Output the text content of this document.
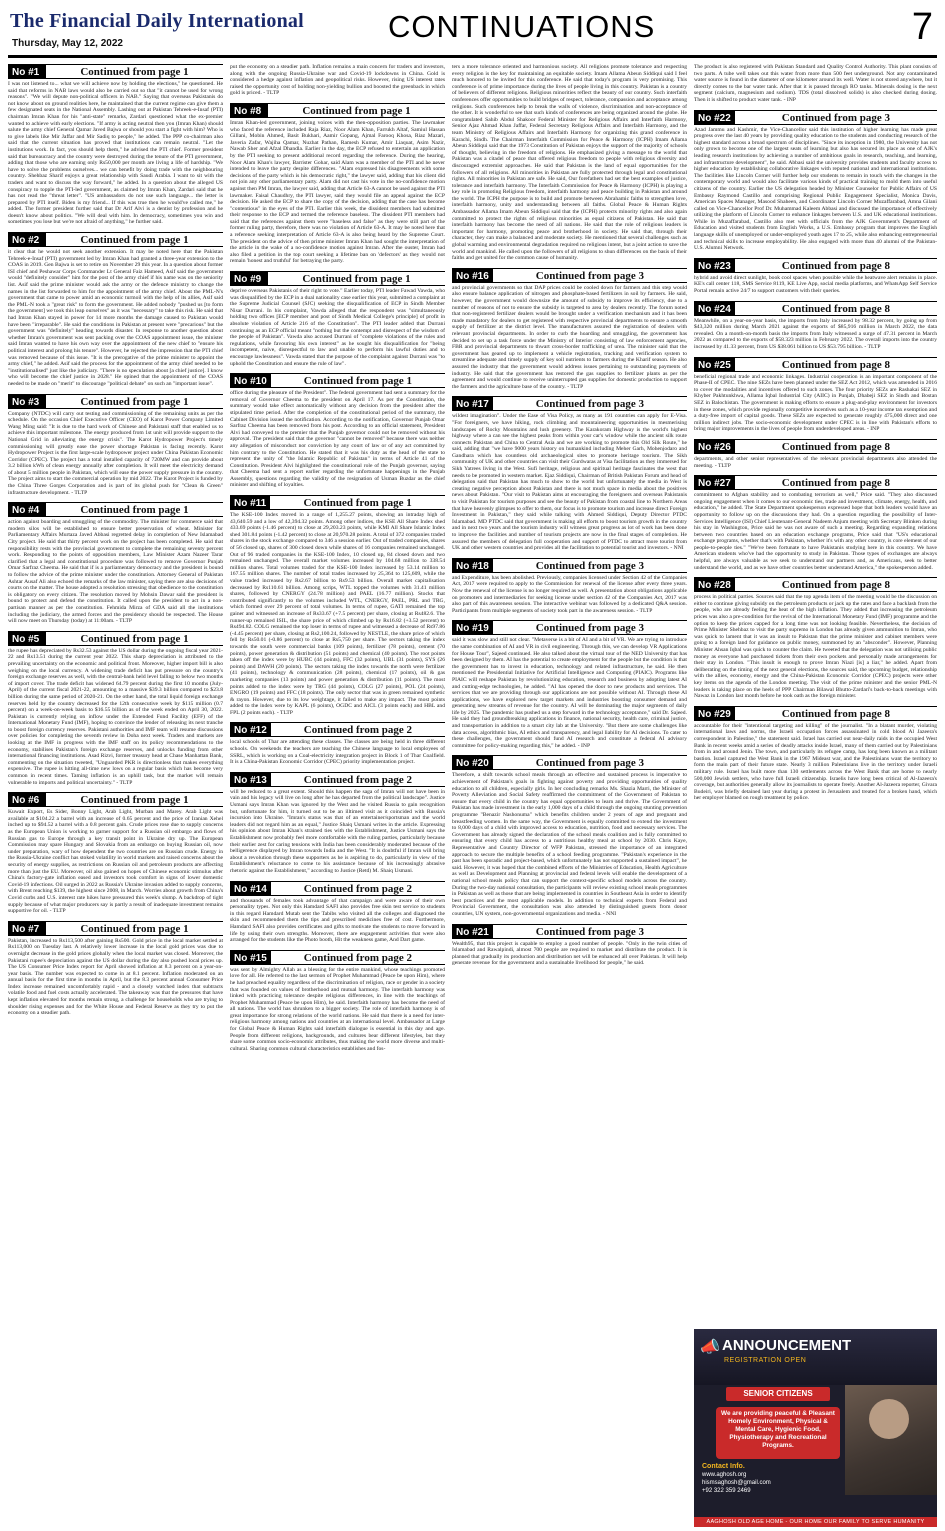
The Financial Daily International
Thursday, May 12, 2022	CONTINUATIONS	7
No #1	Continued from page 1
I was not listened to... what we will achieve now by holding the elections," he questioned. He said that reforms in NAB laws would also be carried out so that "it cannot be used for wrong reasons". "We will depute non-political officers in NAB." Saying that overseas Pakistanis do not know about on ground realities here, he maintained that the current regime can give them a few designated seats in the National Assembly. Lashing out at Pakistan Tehreek-e-Insaf (PTI) chairman Imran Khan for his "anti-state" remarks, Zardari questioned what the ex-premier wanted to achieve with early elections. "If army is acting neutral then you (Imran Khan) should salute the army chief General Qamar Javed Bajwa or should you start a fight with him? Who is to give labels like Mir Jaffar and Mir Sadiq to people," he added. The PPP co-chairman also said that the current situation has proved that institutions can remain neutral. "Let the institutions work. In fact, you should help them," he advised the PTI chief. Former president said that bureaucracy and the country were destroyed during the tenure of the PTI government, adding that those who are earning only Rs50,000 per month are living a life of hardship. "We have to solve the problems ourselves... we can benefit by doing trade with the neighbouring country. Shehbaz Sharif enjoys a great relationship with Saudi Arabia. I want to sit with the traders and want to discuss the way forward," he added. In a question about the alleged US conspiracy to topple the PTI-led government, as claimed by Imran Khan, Zardari said that he has not read the "threat letter". "US ambassadors do not use such language... the letter is prepared by PTI itself. Biden is my friend... If this was true then he would've called me," he added. The former president further said that Dr Arif Alvi is a dentist by profession and he doesn't know about politics. "We will deal with him. In democracy, sometimes you win and sometimes you lose but we're not afraid of anything," he further said.
No #2	Continued from page 1
it clear that he would not seek another extension. It may be noted here that the Pakistan Tehreek-e-Insaf (PTI) government led by Imran Khan had granted a three-year extension to the COAS in 2019. Gen Bajwa is set to retire on November 29 this year. In a question about former ISI chief and Peshawar Corps Commander Lt General Faiz Hameed, Asif said the government would "definitely consider" him for the post of the army chief if his name was on the seniority list. Asif said the prime minister would ask the army or the defence ministry to change the names in the list forwarded to him for the appointment of the army chief. About the PML-N's government that came to power amid an economic turmoil with the help of its allies, Asif said the PML-N took a "great risk" to form the government. He added nobody "pushed us [to form the government] we took this leap ourselves" as it was "necessary" to take this risk. He said that had Imran Khan stayed in power for 14 more months the damage caused to Pakistan would have been "irreparable". He said the conditions in Pakistan at present were "precarious" but the government was "definitely" heading towards disaster. In response to another question about whether Imran's government was sent packing over the COAS appointment issue, the minister said Imran wanted to have his own way over the appointment of the new chief to "ensure his political interest and prolong his tenure". However, he rejected the impression that the PTI chief was removed because of this issue. "It is the prerogative of the prime minister to appoint the army chief," he added. Asif said the process for the appointment of the army chief needed to be "institutionalised" just like the judiciary. "There is no speculation about [a chief justice]. I know who will become the chief justice in 2028." He opined that the appointment of the COAS needed to be made on "merit" to discourage "political debate" on such an "important issue".
No #3	Continued from page 1
Company (NTDC) will carry out testing and commissioning of the remaining units as per the schedule. On the occasion Chief Executive Officer (CEO) of Karot Power Company Limited Wang Ming said: "It is due to the hard work of Chinese and Pakistani staff that enabled us to achieve this important milestone. The energy produced from 1st unit will provide support to the National Grid in alleviating the energy crisis". The Karot Hydropower Project's timely commissioning will greatly ease the power shortage Pakistan is facing recently. Karot Hydropower Project is the first large-scale hydropower project under China Pakistan Economic Corridor (CPEC). The project has a total installed capacity of 720MW and can provide about 3.2 billion kWh of clean energy annually after completion. It will meet the electricity demand of about 5 million people in Pakistan, which will ease the power supply pressure in the country. The project aims to start the commercial operation by mid 2022. The Karot Project is funded by the China Three Gorges Corporation and is part of its global push for "Clean & Green" infrastructure development. - TLTP
No #4	Continued from page 1
action against boarding and smuggling of the commodity. The minister for commerce said that modern silos will be established to ensure better preservation of wheat. Minister for Parliamentary Affairs Murtaza Javed Abbasi regretted delay in completion of New Islamabad City project. He said that thirty percent work on the project has been completed. He said that responsibility rests with the provincial government to complete the remaining seventy percent work. Responding to the points of opposition members, Law Minister Azam Nazeer Tarar clarified that a legal and constitutional procedure was followed to remove Governor Punjab Omar Sarfraz Cheema. He said that if is a parliamentary democracy and the president is bound to follow the advice of the prime minister under the constitution. Attorney General of Pakistan Ashtar Ausaf Ali also echoed the remarks of the law minister, saying there are also decisions of courts on the matter. The house adopted a resolution stressing that obedience to the constitution is obligatory on every citizen. The resolution moved by Mohsin Dawar said the president is bound to protect and defend the constitution. It called upon the president to act in a non-partisan manner as per the constitution. Fehmida Mirza of GDA said all the institutions including the judiciary, the armed forces and the presidency should be respected. The House will now meet on Thursday (today) at 11:00am. - TLTP
No #5	Continued from page 1
the rupee has depreciated by Rs32.53 against the US dollar during the ongoing fiscal year 2021-22 and Rs13.51 during the current year 2022. This sharp depreciation is attributed to the prevailing uncertainty on the economic and political front. Moreover, higher import bill is also weighing on the local currency. A widening trade deficit has put pressure on the country's foreign exchange reserves as well, with the central-bank held level falling to below two months of import cover. The trade deficit has widened 64.79 percent during the first 10 months (July-April) of the current fiscal 2021-22, amounting to a massive $39.3 billion compared to $23.8 billion during the same period of 2020-21. On the other hand, the total liquid foreign exchange reserves held by the country decreased for the 12th consecutive week by $115 million (0.7 percent) on a week-on-week basis to $16.55 billion as of the week ended on April 30, 2022. Pakistan is currently relying on inflow under the Extended Fund Facility (EFF) of the International Monetary Fund (IMF), hoping to convince the lender of releasing its next tranche to boost foreign currency reserves. Pakistani authorities and IMF team will resume discussions over policies for completing the seventh review in Doha next week. Traders and markets are looking at the IMF in progress with the IMF staff on its policy recommendations to the economy, stabilises Pakistan's foreign exchange reserves, and unlocks funding from other international financing institutions. Asad Rizvi, former treasury head at Chase Manhattan Bank, commenting on the situation tweeted, "Unguarded PKR is directionless that makes everything expensive. The rupee is hitting all-time new lows on a regular basis which has become very common in recent times. Taming inflation is an uphill task, but the market will remain vulnerable to imports and political uncertainty." - TLTP
No #6	Continued from page 1
Kuwait Export, Es Sider, Bonny Light, Arab Light, Murban and Marey. Arab Light was available at $104.22 a barrel with an increase of 0.65 percent and the price of Iranian Xehel inched up to $94.52 a barrel with a 0.8 percent gain. Crude prices rose due to supply concerns as the European Union is working to garner support for a Russian oil embargo and flows of Russian gas to Europe through a key transit point in Ukraine dry up. The European Commission may spare Hungary and Slovakia from an embargo on buying Russian oil, now under preparation, wary of how dependent the two countries are on Russian crude. Energy in the Russia-Ukraine conflict has stoked volatility in world markets and raised concerns about the security of energy supplies, as restrictions on Russian oil and petroleum products are affecting more than just the EU. Moreover, oil also gained on hopes of Chinese economic stimulus after China's factory-gate inflation eased and investors took comfort in signs of lower domestic Covid-19 infections. Oil surged in 2022 as Russia's Ukraine invasion added to supply concerns, with Brent reaching $139, the highest since 2008, in March. Worries about growth from China's Covid curbs and U.S. interest rate hikes have pressured this week's slump. A backdrop of tight supply because of what major producers say is partly a result of inadequate investment remains supportive for oil. - TLTP
No #7	Continued from page 1
Pakistan, increased to Rs113,500 after gaining Rs500. Gold price in the local market settled at Rs113,000 on Tuesday last. A relatively lower increase in the local gold prices was due to overnight decrease in the gold prices globally when the local market was closed. Moreover, the Pakistani rupee's depreciation against the US dollar during the day also pushed local prices up. The US Consumer Price Index report for April showed inflation at 8.3 percent on a year-on-year basis. The number was expected to come in at 8.1 percent. Inflation moderated on an annual basis for the first time in months in April, but the 8.3 percent annual Consumer Price Index increase remained uncomfortably rapid - and a closely watched index that subtracts volatile food and fuel costs actually accelerated. The takeaway was that the pressures that have kept inflation elevated for months remain strong, a challenge for households who are trying to shoulder rising expenses and for the White House and Federal Reserve as they try to put the economy on a steadier path.
put the economy on a steadier path. Inflation remains a main concern for traders and investors, along with the ongoing Russia-Ukraine war and Covid-19 lockdowns in China. Gold is considered a hedge against inflation and geopolitical risks. However, rising US interest rates raised the opportunity cost of holding non-yielding bullion and boosted the greenback in which gold is priced. - TLTP
No #8	Continued from page 1
Imran Khan-led government, joining voices with the then-opposition parties. The lawmaker who faced the reference included Raja Riaz, Noor Alam Khan, Farrukh Altaf, Samiul Hassan Gillani, Mobin Ahmed, Basit Bukhari, Aamir Gopang, Ajmal Farooq Khosa, Riaz Mazari, Javeria Zafar, Wajiha Qamar, Nuzhat Pathan, Ramesh Kumar, Amir Liaquat, Asim Nazir, Nawab Sher and Afzal Dhandla. Earlier in the day, the ECP refused to entertain an application by the PTI seeking to present additional record regarding the reference. During the hearing, Noor Alam Khan's lawyer, Barrister Gohar, said Alam was a member of the PTI and he never intended to leave the party despite differences. "Alam expressed his disagreements with some decisions of the party which is his democratic right," the lawyer said, adding that his client did not join any other parliamentary party. Alam did not cast his vote in the no-confidence motion against then PM Imran, the lawyer said, adding that Article 63-A cannot be used against the PTI lawmaker. Faisal Chaudhry, the PTI lawyer, said they would file an appeal against the ECP decision. He asked the ECP to share the copy of the decision, adding that the case has become "contentious" in the eyes of the PTI. Earlier this week, the dissident members had submitted their response to the ECP and termed the reference baseless. The dissident PTI members had said that the references against them were "baseless and false" as they were still part of the former ruling party, therefore, there was no violation of Article 63-A. It may be noted here that a reference seeking interpretation of Article 63-A is also being heard by the Supreme Court. The president on the advice of then prime minister Imran Khan had sought the interpretation of the article in the wake of a no-confidence motion against Imran. After the ouster, Imran had also filed a petition in the top court seeking a lifetime ban on 'defectors' as they would not remain 'honest and truthful' for betraying the party.
No #9	Continued from page 1
deprive overseas Pakistanis of their right to vote." Earlier today, PTI leader Fawad Vawda, who was disqualified by the ECP in a dual nationality case earlier this year, submitted a complaint at the Supreme Judicial Counsel (SJC) seeking the disqualification of ECP in Sindh Member Nisar Durrani. In his complaint, Vawda alleged that the respondent was "simultaneously holding two offices [ECP member and post of Sindh Medical College's principle] of profit in absolute violation of Article 216 of the Constitution". The PTI leader added that Durrani continuing as an ECP official meant "nothing but the contempt and disrespect of the wisdom of the people of Pakistan". Vawda also accused Durrani of "complete violations of the rules and regulations, while favouring his own interest" as he sought his disqualification for "being incompetent, naive, disrespectful to law and unable to perform his lawful duties and to encourage lawlessness". Vawda stated that the purpose of the complaint against Durrani was "to uphold the Constitution and ensure the rule of law".
No #10	Continued from page 1
office during the pleasure of the President". The federal government had sent a summary for the removal of Governor Cheema to the president on April 17. As per the Constitution, the summary would take effect automatically without any decision from the president after the stipulated time period. After the completion of the constitutional period of the summary, the Cabinet Division issued the notification. According to the notification, Governor Punjab Omar Sarfraz Cheema has been removed from his post. According to an official statement, President Alvi had conveyed to the premier that the Punjab governor could not be removed without his approval. The president said that the governor "cannot be removed" because there was neither any allegation of misconduct nor conviction by any court of law or of any act committed by him contrary to the Constitution. He stated that it was his duty as the head of the state to represent the unity of "the Islamic Republic of Pakistan" in terms of Article 41 of the Constitution. President Alvi highlighted the constitutional role of the Punjab governor, saying that Cheema had sent a report earlier regarding the unfortunate happenings in the Punjab Assembly, questions regarding the validity of the resignation of Usman Buzdar as the chief minister and shifting of loyalties.
No #11	Continued from page 1
The KSE-100 Index moved in a range of 1,255.27 points, showing an intraday high of 43,640.59 and a low of 42,394.32 points. Among other indices, the KSE All Share Index shed 433.69 points (-1.46 percent) to close at 29,203.23 points, while KMI All Share Islamic Index shed 301.84 points (-1.42 percent) to close at 20,970.28 points. A total of 372 companies traded shares in the stock exchange compared to 346 a session earlier. Out of traded companies, shares of 56 closed up, shares of 300 closed down while shares of 16 companies remained unchanged. Out of 96 traded companies in the KSE-100 Index, 10 closed up, 84 closed down and two remained unchanged. The overall market volumes increased by 104.68 million to 338.54 million shares. Total volumes traded for the KSE-100 Index increased by 53.14 million to 167.55 million shares. The number of total trades increased by 25,364 to 125,609, while the value traded increased by Rs2.67 billion to Rs9.53 billion. Overall market capitalisation decreased by Rs110.61 billion. Among scrips, WTL topped the volumes with 31.41 million shares, followed by CNERGY (24.78 million) and PAEL (16.77 million). Stocks that contributed significantly to the volumes included WTL, CNERGY, PAEL, PRL and TRG, which formed over 29 percent of total volumes. In terms of rupee, GATI remained the top gainer and witnessed an increase of Rs33.67 (+7.5 percent) per share, closing at Rs482.6. The runner-up remained ISIL, the share price of which climbed up by Rs16.82 (+3.52 percent) to Rs494.82. COLG remained the top loser in terms of rupee and witnessed a decrease of Rs97.86 (-4.45 percent) per share, closing at Rs2,100.24, followed by NESTLE, the share price of which fell by Rs50.01 (-0.86 percent) to close at Rs5,750 per share. The sectors taking the index towards the south were commercial banks (109 points), fertilizer (78 points), cement (70 points), power generation & distribution (51 points) and chemical (40 points). The root points taken off the index were by HUBC (44 points), FFC (32 points), UBL (31 points), SYS (26 points) and DAWH (20 points). The sectors taking the index towards the north were fertilizer (41 points), technology & communication (28 points), chemical (17 points), oil & gas marketing companies (13 points) and power generation & distribution (11 points). The most points added to the index were by TRG (44 points), COLG (27 points), POL (24 points), ENGRO (19 points) and FFC (18 points). The only sector that was in green remained synthetic & rayon. However, due to its low weightage, it failed to make any impact. The most points added to the index were by KAPL (6 points), OGDC and AICL (3 points each) and HBL and FPL (2 points each). - TLTP
No #12	Continued from page 2
local schools of Thar are attending these classes. The classes are being held in three different schools. On weekends the teachers are teaching the Chinese language to local employees of SSRL, which is working on a Coal-electricity integration project in Block 1 of Thar Coalfield. It is a China-Pakistan Economic Corridor (CPEC) priority implementation project.
No #13	Continued from page 2
will be reduced to a great extent. Should this happen the saga of Imran will not have been in vain and his legacy will live on long after he has departed from the political landscape". Justice Usmani says Imran Khan was ignored by the West and he visited Russia to gain recognition but, unfortunate for him, it turned out to be an illtimed visit as it coincided with Russia's incursion into Ukraine. "Imran's status was that of an entertainer/sportsman and the world leaders did not regard him as an equal," Justice Shaiq Usmani writes in the article. Expressing his opinion about Imran Khan's strained ties with the Establishment, Justice Usmani says the Establishment now probably feel more comfortable with the ruling parties, particularly because their earlier zest for caring tensions with India has been considerably moderated because of the belligerence displayed by Imran towards India and the West. "It is doubtful if Imran will bring about a revolution through these supporters as he is aspiring to do, particularly in view of the Establishment's reluctance to come to his assistance because of his increasingly abrasive rhetoric against the Establishment," according to Justice (Retd) M. Shaiq Usmani.
No #14	Continued from page 2
and thousands of females took advantage of that campaign and were aware of their own personality types. Not only this Hamdard SAFI also provides free skin test service to students in this regard Hamdard Mutab sent the Tabibs who visited all the colleges and diagnosed the skin and recommended them the tips and prescribed medicines free of cost. Furthermore, Hamdard SAFI also provides certificates and gifts to motivate the students to move forward in life by using their own strengths. Moreover, there are engagement activities that were also arranged for the students like the Photo booth, Hit the weakness game, And Dart game.
No #15	Continued from page 2
was sent by Almighty Allah as a blessing for the entire mankind, whose teachings promoted love for all. He referred to the last sermon of Prophet Muhammad (Peace be upon Him), where he had preached equality regardless of the discrimination of religion, race or gender in a society that was founded on values of brotherhood and mutual harmony. The interfaith harmony was linked with practicing tolerance despite religious differences, in line with the teachings of Prophet Muhammad (Peace be upon Him), he said. Interfaith harmony has become the need of all nations. The world has shrunken to a bigger society. The role of interfaith harmony is of great importance for strong relations of the world nations. He said that there is a need for inter-religious harmony among nations and countries at an international level. Ambassador at Large for Global Peace & Human Rights said interfaith dialogue is essential in this day and age. People from different religions, backgrounds, and cultures bear different lifestyles, but they share some common socio-economic attributes, thus making the world more diverse and multi-cultural. Sharing common cultural characteristics establishes and fos-
ters a more tolerance oriented and harmonious society. All religions promote tolerance and respecting every religion is the key for maintaining an equitable society. Imam Allama Abeun Siddiqui said I feel much honored to be invited for this conference. He said that today's program is very promising. This conference is of prime importance during the lives of people living in this country. Pakistan is a country of believers of different religions. Religious minorities reflect the beauty of our country. Such interfaith conferences offer opportunities to build bridges of respect, tolerance, compassion and acceptance among religions. Such conferences help to break the walls of violence, discrimination and non-acceptance of the other. It is wonderful to see that such kinds of conferences are being organized around the globe. He congratulated Sahib Abdul Shakoor Federal Minister for Religious Affairs and Interfaith Harmony, Senior Ajaz Ahmad Khan Jaffar, Federal Secretary Religious Affairs and Interfaith Harmony, and the team Ministry of Religious Affairs and Interfaith Harmony for organizing this grand conference in Karachi, Sindh. The Chairman Interfaith Commission for Peace & Harmony (ICPH) Imam Allama Abeun Siddiqui said that the 1973 Constitution of Pakistan enjoys the support of the majority of schools of thought, believing in the freedom of religions. He emphasized giving a message to the world that Pakistan was a citadel of peace that offered religious freedom to people with religious diversity and discouraged extremist approaches. He said that Pakistan is the land of equal opportunities for the followers of all religions. All minorities in Pakistan are fully protected through legal and constitutional rights. All minorities in Pakistan are safe. He said, Our forefathers had set the best examples of justice, tolerance and interfaith harmony. The Interfaith Commission for Peace & Harmony (ICPH) is playing a key role in promoting Religious freedom, interfaith harmony and peace building in Pakistan and around the world. The ICPH the purpose is to build and promote between Abrahamic faiths to strengthen love, interfaith harmony, unity and understanding between all faiths. Global Peace & Human Rights Ambassador Allama Imam Abeun Siddiqui said that the (ICPH) protects minority rights and also again committed to protect the rights of religious minorities as equal citizens of Pakistan. He said that interfaith harmony has become the need of all nations. He said that the role of religious leaders is important for harmony, promoting peace and brotherhood in society. He said that, through their character, they can make a balanced and moderate society. He mentioned that several challenges such as global warming and environmental degradation required no religious intent, but a joint action to save the world and mankind. He called upon the followers of all religions to shun differences on the basis of their faiths and get united for the common cause of humanity.
No #16	Continued from page 3
and provincial governments so that DAP prices could be cooled down for farmers and this step would also ensure balance application of nitrogen and phosphate-based fertilizers in soil by farmers. He said, however, the government would downsize the amount of subsidy to improve its efficiency, due to a number of reasons of not to ensure the subsidy is targeted to area by dealers recently. The forum noted that non-registered fertilizer dealers would be brought under a verification mechanism and it has been made mandatory for dealers to get registered with respective provincial departments to ensure a smooth supply of fertilizer at the district level. The manufacturers assured the registration of dealers with relevant provincial departments. In order to curb the hoarding and smuggling, the government has decided to set up a task force under the Ministry of Interior consisting of law enforcement agencies, FBR and provincial departments to thwart cross-border trafficking of urea. The minister said that the government has geared up to implement a vehicle registration, tracking and verification system to streamline adequate and timely supply of key soil nutrients to farmers during the Kharif season. He also assured the industry that the government would address issues pertaining to outstanding payments of industry. He said that the government has restored the gas supplies to fertilizer plants as per the agreement and would continue to receive uninterrupted gas supplies for domestic production to support the farmers and the agriculture base of the country. - TLTP
No #17	Continued from page 3
wildest imagination". Under the Ease of Visa Policy, as many as 191 countries can apply for E-Visa. "For foreigners, we have hiking, rock climbing and mountaineering opportunities in mesmerising landscapes of Rocky Mountains and lush greenery. The Karakoram Highway is the world's highest highway where a can see the highest peaks from within your car's window while the ancient silk route connects Pakistan and China to Central Asia and we are working to promote this Old Silk Route," he said, adding that "we have 9000 years history on humankind including Meher Garh, Mohenjodaro and Gandhara which has countless old archaeological sites to promote heritage tourism. The Sikh community of UK and other countries can visit their Gurdwaras at Visa facilitation as they immersed for Sikh Yatrees living in the West. Sufi heritage, religious and spiritual heritage fascinates the west that needs to be promoted in western market. Ejaz Siddiqui, Chairman of British Pakistan Forum and head of delegation said that Pakistan has much to show to the world but unfortunately the media in West is creating negative perception about Pakistan and there is not much space in media about the positives news about Pakistan. "Our visit to Pakistan aims at encouraging the foreigners and overseas Pakistanis to visit Pakistan for tourism purposes and see the beauty of Pakistan from coastal line to Northern Areas that have heavenly glimpses to offer to them, our focus is to promote tourism and increase direct Foreign Investment in Pakistan," they said while talking with Ahmed Siddiqui, Deputy Director PTDC Islamabad. MD PTDC said that government is making all efforts to boost tourism growth in the country and in next two years and the tourism industry will witness great progress as lot of work has been done to improve the facilities and number of tourism projects are now in the final stages of completion. He assured the members of delegation full cooperation and support of PTDC to attract more tourist from UK and other western countries and provides all the facilitation to potential tourist and investors. - NNI
No #18	Continued from page 3
and Expenditure, has been abolished. Previously, companies licensed under Section 42 of the Companies Act, 2017 were required to apply to the Commission for renewal of the license after every three years. Now the renewal of the license is no longer required as well. A presentation about obligations applicable on promoters and intermediaries for seeking license under section 42 of the Companies Act, 2017 was also part of this awareness session. The interactive webinar was followed by a dedicated Q&A session. Participants from multiple segments of society took part in the awareness session. - TLTP
No #19	Continued from page 3
said it was slow and still not clear. "Metaverse is a bit of AI and a bit of VR. We are trying to introduce the same combination of AI and VR in civil engineering. Through this, we can develop VR Applications for House Tour", Sajeed continued. He also talked about the virtual tour of the NED University that has been designed by them. AI has the potential to create employment for the people but the condition is that the government has to invest in education, technology and related infrastructure, he said. He then mentioned the Presidential Initiative for Artificial Intelligence and Computing (PIAIC). Programs like PIAIC will reshape Pakistan by revolutionizing education, research and business by adopting latest AI and cutting-edge technologies, he added. "AI has opened the door to new products and services. The services that we are providing through our applications are not possible without AI. Through these AI applications, we have explored new target markets and industries boosting consumer demand and generating new streams of revenue for the country. AI will be dominating the major segments of daily life by 2025. The pandemic has pushed us a step forward in the technology acceptance," said Dr. Sajeed. He said they had groundbreaking applications in finance, national security, health care, criminal justice, and transportation in addition to a smart city lab at the University. "But there are some challenges like data access, algorithmic bias, AI ethics and transparency, and legal liability for AI decisions. To cater to these challenges, the government should fund AI research and constitute a federal AI advisory committee for policy-making regarding this," he added. - INP
No #20	Continued from page 3
Therefore, a shift towards school meals through an effective and sustained process is imperative to achievement of Pakistan's goals in fighting against poverty and providing opportunities of quality education to all children, especially girls. In her concluding remarks Ms. Shazia Marri, the Minister of Poverty Alleviation and Social Safety reaffirmed the commitment of the Government of Pakistan to ensure that every child in the country has equal opportunities to learn and thrive. The Government of Pakistan has made investment in the early 1,000 days of a child through the ongoing stunting prevention programme "Benazir Nashonuma" which benefits children under 2 years of age and pregnant and breastfeeding women. In the same way, the Government is equally committed to extend the investment to 8,000 days of a child with improved access to education, nutrition, food and necessary services. The Government has already signed the declaration of the school meals coalition and is fully committed to ensuring that every child has access to a nutritious healthy meal at school by 2030. Chris Kaye, Representative and Country Director of WFP Pakistan, stressed the importance of an integrated approach to secure the multiple benefits of a school feeding programme. "Pakistan's experience in the past has been sporadic and project-based, which unfortunately has not supported a sustained impact", he said. However, it was hoped that the combined efforts of the Ministries of Education, Health Agriculture as well as Development and Planning at provincial and federal levels will enable the development of a national school meals policy that can support the context-specific school models across the country. During the two-day national consultation, the participants will review existing school meals programmes in Pakistan as well as those that are being implemented in countries in Southeast Asia in order to identify best practices and the most applicable models. In addition to technical experts from Federal and Provincial Government, the consultation was also attended by distinguished guests from donor countries, UN system, non-governmental organizations and media. - NNI
No #21	Continued from page 3
Wealth95, that this project is capable to employ a good number of people. "Only in the twin cities of Islamabad and Rawalpindi, almost 700 people are required to market and distribute the product. It is planned that gradually its production and distribution net will be enhanced all over Pakistan. It will help generate revenue for the government and a sustainable livelihood for people," he said.
The product is also registered with Pakistan Standard and Quality Control Authority. This plant consists of two parts. A tube well takes out this water from more than 500 feet underground. Not any contaminated water source is found in the diameter of one kilometer around its well. Water is not stored anywhere, but it directly comes to the bar water tank. After that it is passed through RO tanks. Minerals dosing is the next segment (calcium, magnesium and sodium). TDS (total dissolved solids) is also checked during dosing. Then it is shifted to product water tank. - INP
No #22	Continued from page 3
Azad Jammu and Kashmir, the Vice-Chancellor said this institution of higher learning has made great progress over the last 40 years by providing quality education to the students and conducting research of the highest standard across a broad spectrum of disciplines. "Since its inception in 1980, the University has not only grown to become one of the largest seats of learning but also has secured its place as one of AJK's leading research institutions by achieving a number of ambitious goals in research, teaching, and learning, and infrastructure development", he said. Abbasi said the university provides students and faculty access to higher education by establishing collaborative linkages with reputed national and international institutions. The facilities like Lincoln Corner will further help our students to remain in touch with the changes in the contemporary world and would also facilitate various kinds of practical training to mold them into useful citizens of the country. Earlier the US delegation headed by Minister Counselor for Public Affairs of US Embassy Raymond Castillo and comprising Regional Public Engagement Specialist, Monica Davis, American Spaces Manager, Masood Shaheen, and Coordinator Lincoln Corner Muzaffarabad, Amna Gilani called on Vice-Chancellor Prof Dr. Muhammad Kaleem Abbasi and discussed the importance of effectively utilizing the platform of Lincoln Corner to enhance linkages between U.S. and UK educational institutions. While in Muzaffarabad, Castillo also met with officials from the AJK Government's Department of Education and visited students from English Works, a U.S. Embassy program that improves the English language skills of unemployed or under-employed youth ages 17 to 25, while also enhancing entrepreneurial and technical skills to increase employability. He also engaged with more than 40 alumni of the Pakistan-U.S. Alumni Network.
No #23	Continued from page 8
hybrid and avoid direct sunlight, book cool spaces when possible while the heatwave alert remains in place. KE's call center 118, SMS Service 8119, KE Live App, social media platforms, and WhatsApp Self Service Portal remain active 24/7 to support customers with their queries.
No #24	Continued from page 8
Meanwhile, on a year-on-year basis, the imports from Italy increased by 98.32 percent, by going up from $43,320 million during March 2021 against the exports of $85,916 million in March 2022, the data revealed. On a month-on-month basis the imports from Italy witnessed a surge of 47.31 percent in March 2022 as compared to the exports of $58.323 million in February 2022. The overall imports into the country increased by 41.33 percent, from US $38.061 billion to US $53.795 billion. - TLTP
No #25	Continued from page 8
beneficial regional trade and economic linkages. Industrial cooperation is an important component of the Phase-II of CPEC. The nine SEZs have been planned under the SEZ Act 2012, which was amended in 2016 to cover the modalities and incentives offered to such zones. The four priority SEZs are Rashakai SEZ in Khyber Pakhtunkhwa, Allama Iqbal Industrial City (AIIC) in Punjab, Dhabeji SEZ in Sindh and Bostan SEZ in Balochistan. The government is making efforts to ensure a plug-and-play environment for investors in these zones, which provide regionally competitive incentives such as a 10-year income tax exemption and a duty-free import of capital goods. These SEZs are expected to generate roughly 475,000 direct and one million indirect jobs. The socio-economic development under CPEC is in line with Pakistan's efforts to bring major improvements in the lives of people from underdeveloped areas. - INP
No #26	Continued from page 8
departments, and other senior representatives of the relevant provincial departments also attended the meeting. - TLTP
No #27	Continued from page 8
commitment to Afghan stability and to combating terrorism as well," Price said. "They also discussed ongoing engagement when it comes to our economic ties, trade and investment, climate, energy, health, and education," he added. The State Department spokesperson expressed hope that both leaders would have an opportunity to follow up on the discussions they had. On a question regarding the possibility of Inter-Services Intelligence (ISI) Chief Lieutenant-General Nadeem Anjum meeting with Secretary Blinken during his stay in Washington, Price said he was not aware of such a meeting. Regarding expanding relations between two countries based on an education exchange programs, Price said that "US's educational exchange programs, whether that's with Pakistan, whether it's with any other country, is core element of our people-to-people ties." "We've been fortunate to have Pakistanis studying here in this country. We have American students who've had the opportunity to study in Pakistan. Those types of exchanges are always helpful, are always valuable as we seek to understand our partners and, as Americans, seek to better understand the world, and as we have other countries better understand America," the spokesperson added.
No #28	Continued from page 8
process in political parties. Sources said that the top agenda item of the meeting would be the discussion on either to continue giving subsidy on the petroleum products or jack up the rates and face a backlash from the people, who are already feeling the heat of the high inflation. They added that increasing the petroleum prices was also a pre-condition for the revival of the International Monetary Fund (IMF) programme and the option to keep the prices capped for a long time was not looking feasible. Nevertheless, the decision of Prime Minister Shehbaz to visit the party supremo in London has already given ammunition to Imran, who was quick to lament that it was an insult to Pakistan that the prime minister and cabinet members were going to a foreign land for guidance on public money, summoned by an "absconder". However, Planning Minister Ahsan Iqbal was quick to counter the claim. He tweeted that the delegation was not utilising public money as everyone had purchased tickets from their own pockets and personally made arrangements for their stay in London. "This insult is enough to prove Imran Niazi [is] a liar," he added. Apart from deliberating on the timing of the next general elections, the sources said, the upcoming budget, relationship with the allies, economy, energy and the China-Pakistan Economic Corridor (CPEC) projects were other key items on the agenda of the London meeting. The visit of the prime minister and the senior PML-N leaders is taking place on the heels of PPP Chairman Bilawal Bhutto-Zardari's back-to-back meetings with Nawaz in London last month before he took oath as the foreign minister.
No #29	Continued from page 8
accountable for their "intentional targeting and killing" of the journalist. "In a blatant murder, violating international laws and norms, the Israeli occupation forces assassinated in cold blood Al Jazeera's correspondent in Palestine," the statement said. Israel has carried out near-daily raids in the occupied West Bank in recent weeks amid a series of deadly attacks inside Israel, many of them carried out by Palestinians from in and around Jenin. The town, and particularly its refugee camp, has long been known as a militant bastion. Israel captured the West Bank in the 1967 Mideast war, and the Palestinians want the territory to form the main part of their future state. Nearly 3 million Palestinians live in the territory under Israeli military rule. Israel has built more than 130 settlements across the West Bank that are home to nearly 500,000 Jewish settlers, who have full Israeli citizenship. Israelis have long been critical of Al-Jazeera's coverage, but authorities generally allow its journalists to operate freely. Another Al-Jazeera reporter, Givara Budeiri, was briefly detained last year during a protest in Jerusalem and treated for a broken hand, which her employer blamed on rough treatment by police.
📣 ANNOUNCEMENT
REGISTRATION OPEN
SENIOR CITIZENS
We are providing peaceful & Pleasant Homely Environment, Physical & Mental Care, Hygienic Food, Physiotherapy and Recreational Programs.
Contact Info.
www.aghosh.org
hismsaghosh@gmail.com
+92 322 359 2469
AAGHOSH OLD AGE HOME - OUR HOME OUR FAMILY TO SERVE HUMANITY
